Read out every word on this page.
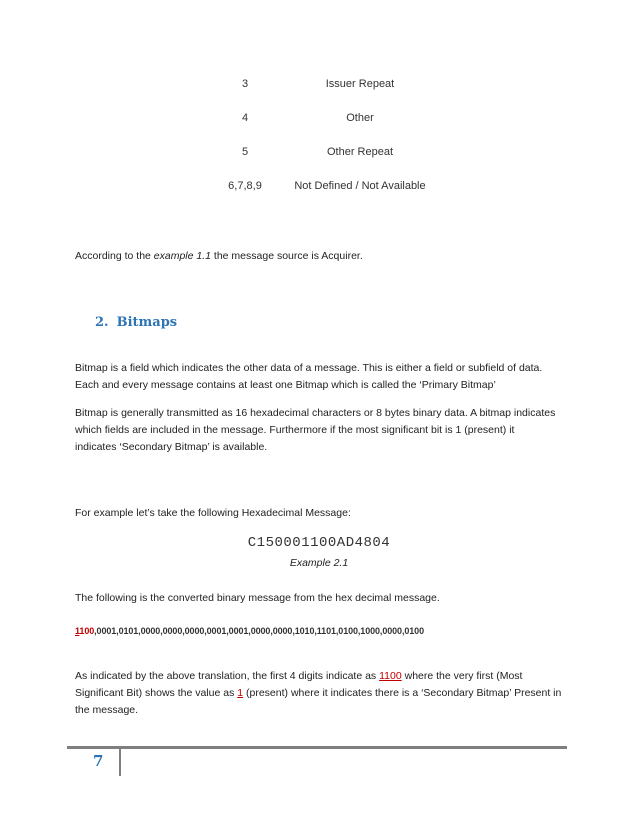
3	Issuer Repeat
4	Other
5	Other Repeat
6,7,8,9	Not Defined / Not Available
According to the example 1.1 the message source is Acquirer.
2. Bitmaps
Bitmap is a field which indicates the other data of a message. This is either a field or subfield of data.
Each and every message contains at least one Bitmap which is called the ‘Primary Bitmap’
Bitmap is generally transmitted as 16 hexadecimal characters or 8 bytes binary data. A bitmap indicates
which fields are included in the message. Furthermore if the most significant bit is 1 (present) it
indicates ‘Secondary Bitmap’ is available.
For example let’s take the following Hexadecimal Message:
C150001100AD4804
Example 2.1
The following is the converted binary message from the hex decimal message.
1100,0001,0101,0000,0000,0000,0001,0001,0000,0000,1010,1101,0100,1000,0000,0100
As indicated by the above translation, the first 4 digits indicate as 1100 where the very first (Most
Significant Bit) shows the value as 1 (present) where it indicates there is a ‘Secondary Bitmap’ Present in
the message.
7
